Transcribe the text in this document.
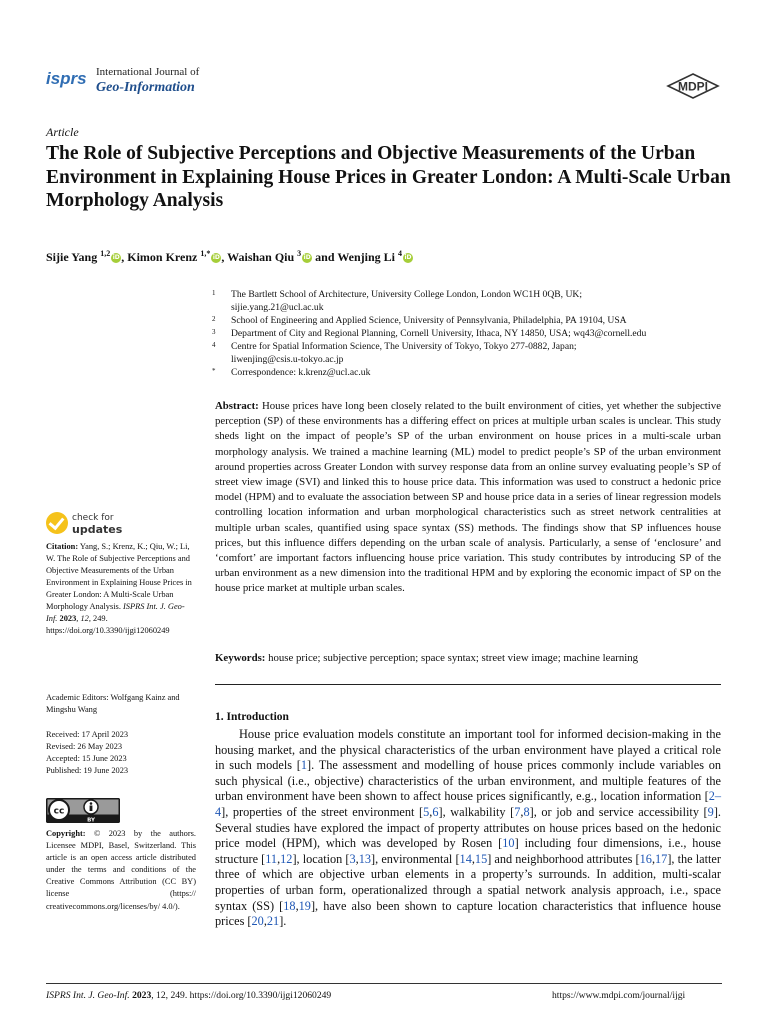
isprs International Journal of
Geo-Information	MDPI
Article
The Role of Subjective Perceptions and Objective Measurements of the Urban Environment in Explaining House Prices in Greater London: A Multi-Scale Urban Morphology Analysis
Sijie Yang $^{1,2}$ iD, Kimon Krenz $^{1,*}$ iD, Waishan Qiu $^3$ iD and Wenjing Li $^4$ iD
1	The Bartlett School of Architecture, University College London, London WC1H 0QB, UK;
sijie.yang.21@ucl.ac.uk
2	School of Engineering and Applied Science, University of Pennsylvania, Philadelphia, PA 19104, USA
3	Department of City and Regional Planning, Cornell University, Ithaca, NY 14850, USA; wq43@cornell.edu
4	Centre for Spatial Information Science, The University of Tokyo, Tokyo 277-0882, Japan;
liwenjing@csis.u-tokyo.ac.jp
*	Correspondence: k.krenz@ucl.ac.uk

Abstract: House prices have long been closely related to the built environment of cities, yet whether the subjective perception (SP) of these environments has a differing effect on prices at multiple urban scales is unclear. This study sheds light on the impact of people’s SP of the urban environment on house prices in a multi-scale urban morphology analysis. We trained a machine learning (ML) model to predict people’s SP of the urban environment around properties across Greater London with survey response data from an online survey evaluating people’s SP of street view image (SVI) and linked this to house price data. This information was used to construct a hedonic price model (HPM) and to evaluate the association between SP and house price data in a series of linear regression models controlling location information and urban morphological characteristics such as street network centralities at multiple urban scales, quantified using space syntax (SS) methods. The findings show that SP influences house prices, but this influence differs depending on the urban scale of analysis. Particularly, a sense of ‘enclosure’ and ‘comfort’ are important factors influencing house price variation. This study contributes by introducing SP of the urban environment as a new dimension into the traditional HPM and by exploring the economic impact of SP on the house price market at multiple urban scales.

Keywords: house price; subjective perception; space syntax; street view image; machine learning

1. Introduction

House price evaluation models constitute an important tool for informed decision-making in the housing market, and the physical characteristics of the urban environment have played a critical role in such models [1]. The assessment and modelling of house prices commonly include variables on such physical (i.e., objective) characteristics of the urban environment, and multiple features of the urban environment have been shown to affect house prices significantly, e.g., location information [2–4], properties of the street environment [5,6], walkability [7,8], or job and service accessibility [9]. Several studies have explored the impact of property attributes on house prices based on the hedonic price model (HPM), which was developed by Rosen [10] including four dimensions, i.e., house structure [11,12], location [3,13], environmental [14,15] and neighborhood attributes [16,17], the latter three of which are objective urban elements in a property’s surrounds. In addition, multi-scalar properties of urban form, operationalized through a spatial network analysis approach, i.e., space syntax (SS) [18,19], have also been shown to capture location characteristics that influence house prices [20,21].

check for
updates

Citation: Yang, S.; Krenz, K.; Qiu, W.; Li, W. The Role of Subjective Perceptions and Objective Measurements of the Urban Environment in Explaining House Prices in Greater London: A Multi-Scale Urban Morphology Analysis. ISPRS Int. J. Geo-Inf. 2023, 12, 249. https://doi.org/10.3390/ijgi12060249

Academic Editors: Wolfgang Kainz and Mingshu Wang

Received: 17 April 2023
Revised: 26 May 2023
Accepted: 15 June 2023
Published: 19 June 2023
cc
BY

Copyright: © 2023 by the authors. Licensee MDPI, Basel, Switzerland. This article is an open access article distributed under the terms and conditions of the Creative Commons Attribution (CC BY) license (https:// creativecommons.org/licenses/by/ 4.0/).

ISPRS Int. J. Geo-Inf. 2023, 12, 249. https://doi.org/10.3390/ijgi12060249	https://www.mdpi.com/journal/ijgi
